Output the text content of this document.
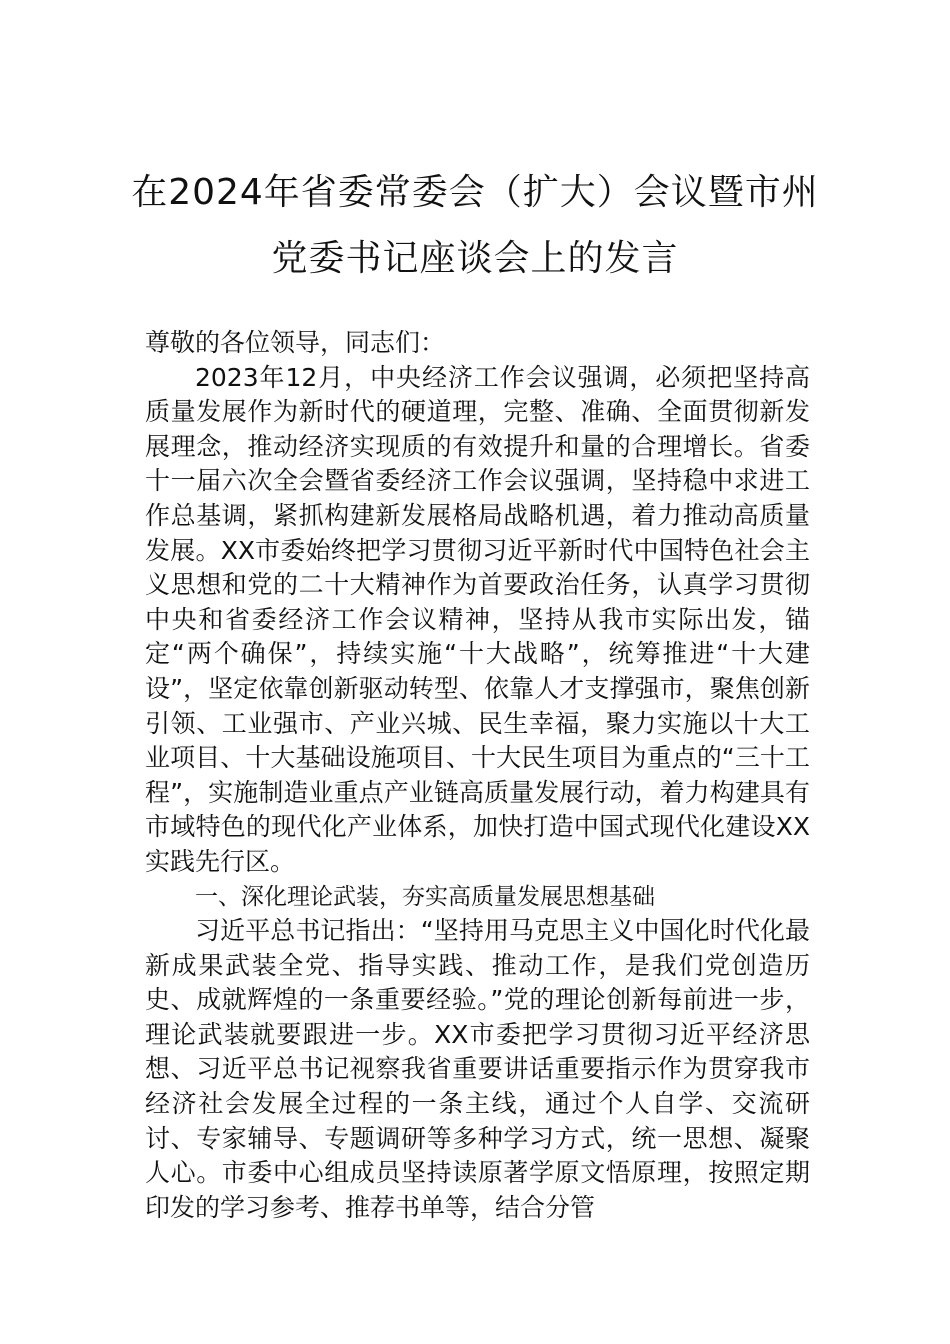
在2024年省委常委会（扩大）会议暨市州
党委书记座谈会上的发言
尊敬的各位领导，同志们：

2023年12月，中央经济工作会议强调，必须把坚持高质量发展作为新时代的硬道理，完整、准确、全面贯彻新发展理念，推动经济实现质的有效提升和量的合理增长。省委十一届六次全会暨省委经济工作会议强调，坚持稳中求进工作总基调，紧抓构建新发展格局战略机遇，着力推动高质量发展。XX市委始终把学习贯彻习近平新时代中国特色社会主义思想和党的二十大精神作为首要政治任务，认真学习贯彻中央和省委经济工作会议精神，坚持从我市实际出发，锚定“两个确保”，持续实施“十大战略”，统筹推进“十大建设”，坚定依靠创新驱动转型、依靠人才支撑强市，聚焦创新引领、工业强市、产业兴城、民生幸福，聚力实施以十大工业项目、十大基础设施项目、十大民生项目为重点的“三十工程”，实施制造业重点产业链高质量发展行动，着力构建具有市域特色的现代化产业体系，加快打造中国式现代化建设XX实践先行区。

一、深化理论武装，夯实高质量发展思想基础

习近平总书记指出：“坚持用马克思主义中国化时代化最新成果武装全党、指导实践、推动工作，是我们党创造历史、成就辉煌的一条重要经验。”党的理论创新每前进一步，理论武装就要跟进一步。XX市委把学习贯彻习近平经济思想、习近平总书记视察我省重要讲话重要指示作为贯穿我市经济社会发展全过程的一条主线，通过个人自学、交流研讨、专家辅导、专题调研等多种学习方式，统一思想、凝聚人心。市委中心组成员坚持读原著学原文悟原理，按照定期印发的学习参考、推荐书单等，结合分管
